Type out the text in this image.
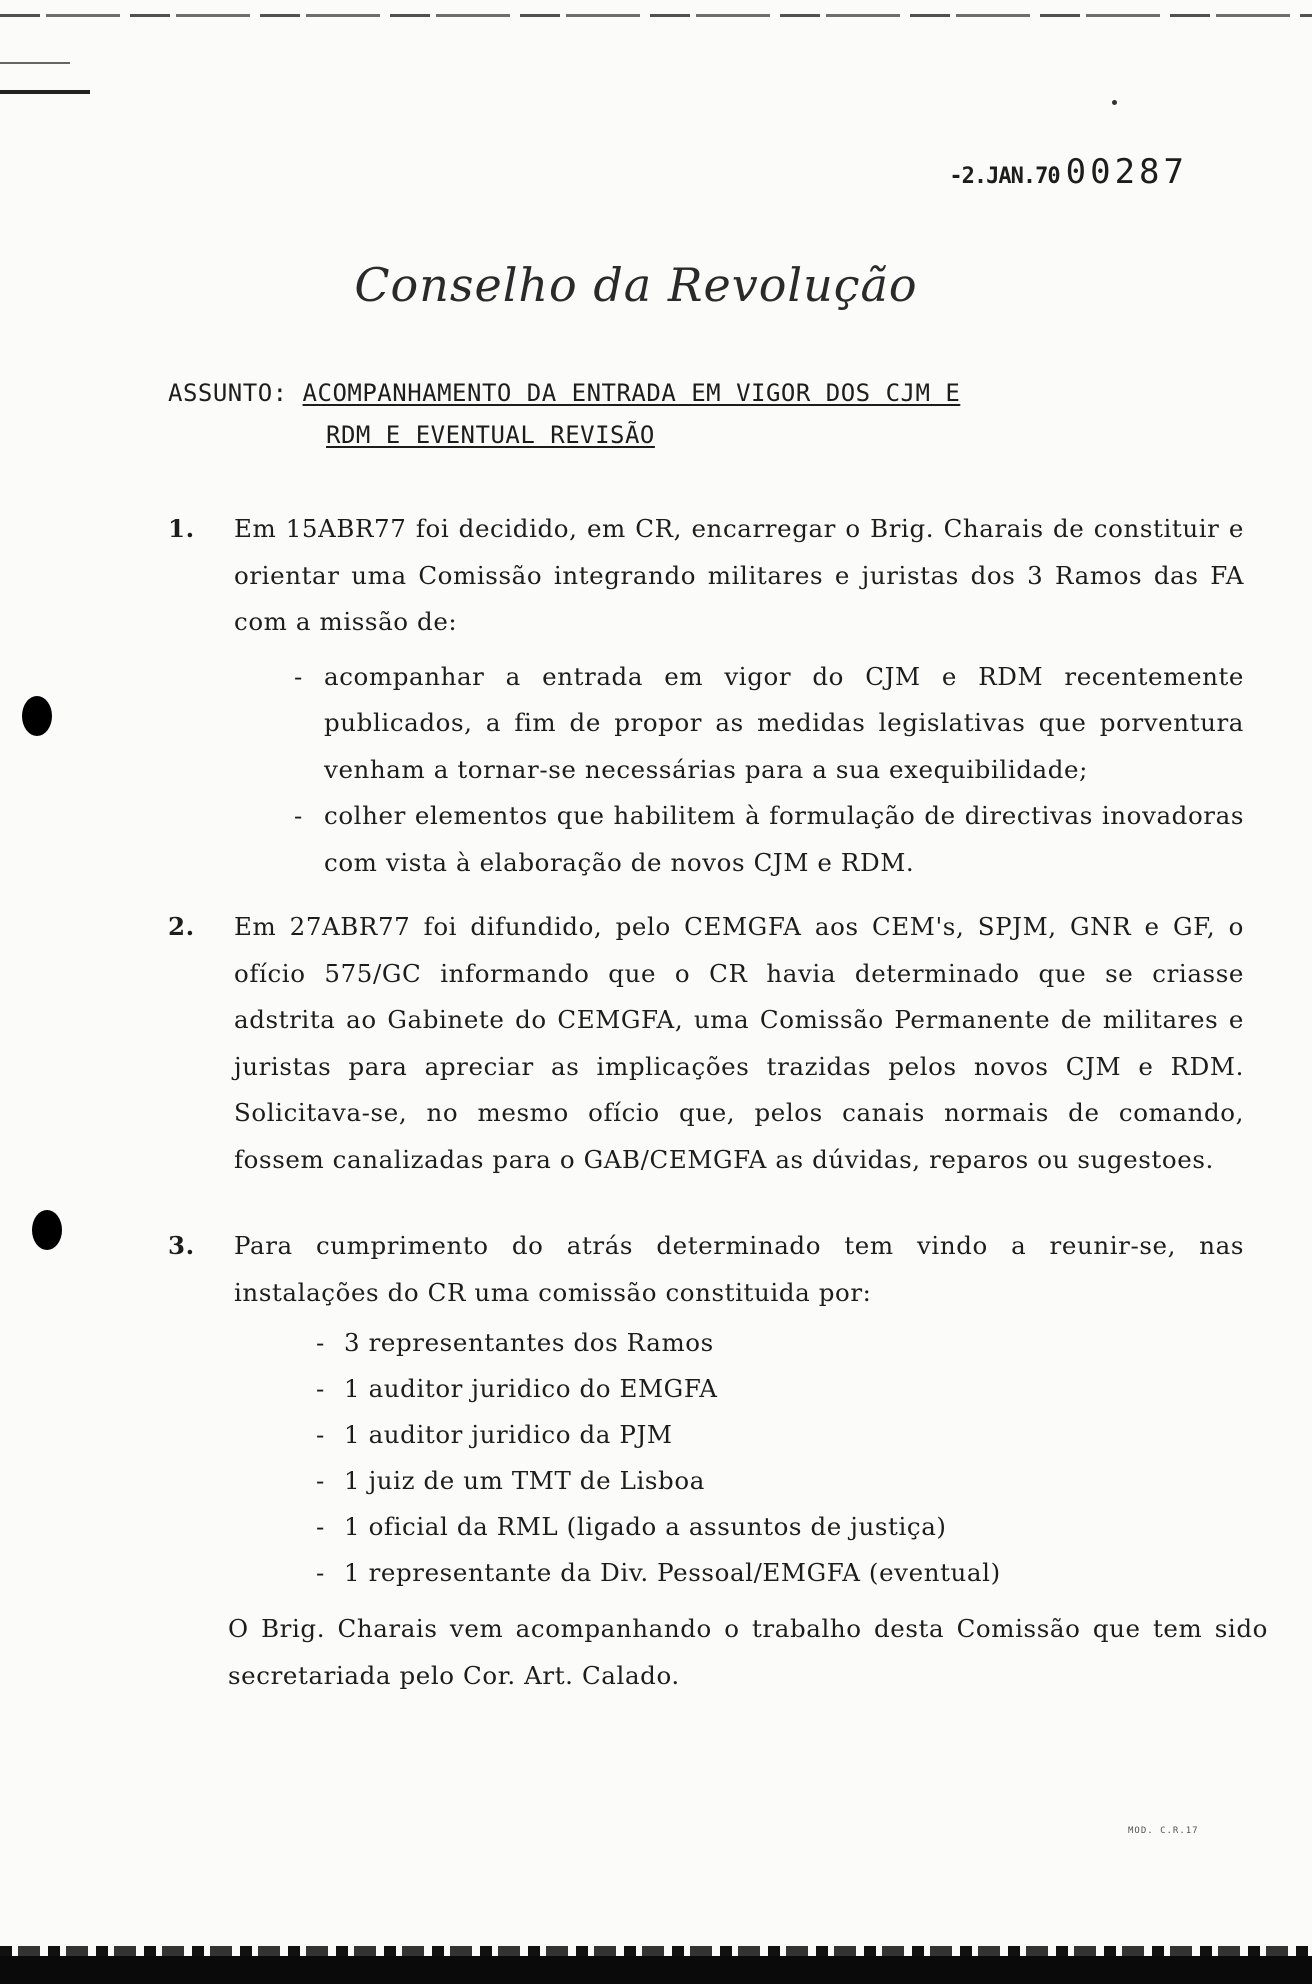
-2.JAN.70 00287
Conselho da Revolução
ASSUNTO: ACOMPANHAMENTO DA ENTRADA EM VIGOR DOS CJM E
RDM E EVENTUAL REVISÃO
1.	Em 15ABR77 foi decidido, em CR, encarregar o Brig. Charais de constituir e orientar uma Comissão integrando militares e juristas dos 3 Ramos das FA com a missão de:

- acompanhar a entrada em vigor do CJM e RDM recentemente publicados, a fim de propor as medidas legislativas que porventura venham a tornar-se necessárias para a sua exequibilidade;
- colher elementos que habilitem à formulação de directivas inovadoras com vista à elaboração de novos CJM e RDM.
2.	Em 27ABR77 foi difundido, pelo CEMGFA aos CEM's, SPJM, GNR e GF, o ofício 575/GC informando que o CR havia determinado que se criasse adstrita ao Gabinete do CEMGFA, uma Comissão Permanente de militares e juristas para apreciar as implicações trazidas pelos novos CJM e RDM. Solicitava-se, no mesmo ofício que, pelos canais normais de comando, fossem canalizadas para o GAB/CEMGFA as dúvidas, reparos ou sugestoes.

3.	Para cumprimento do atrás determinado tem vindo a reunir-se, nas instalações do CR uma comissão constituida por:

- 3 representantes dos Ramos
- 1 auditor juridico do EMGFA
- 1 auditor juridico da PJM
- 1 juiz de um TMT de Lisboa
- 1 oficial da RML (ligado a assuntos de justiça)
- 1 representante da Div. Pessoal/EMGFA (eventual)
O Brig. Charais vem acompanhando o trabalho desta Comissão que tem sido secretariada pelo Cor. Art. Calado.
MOD. C.R.17
